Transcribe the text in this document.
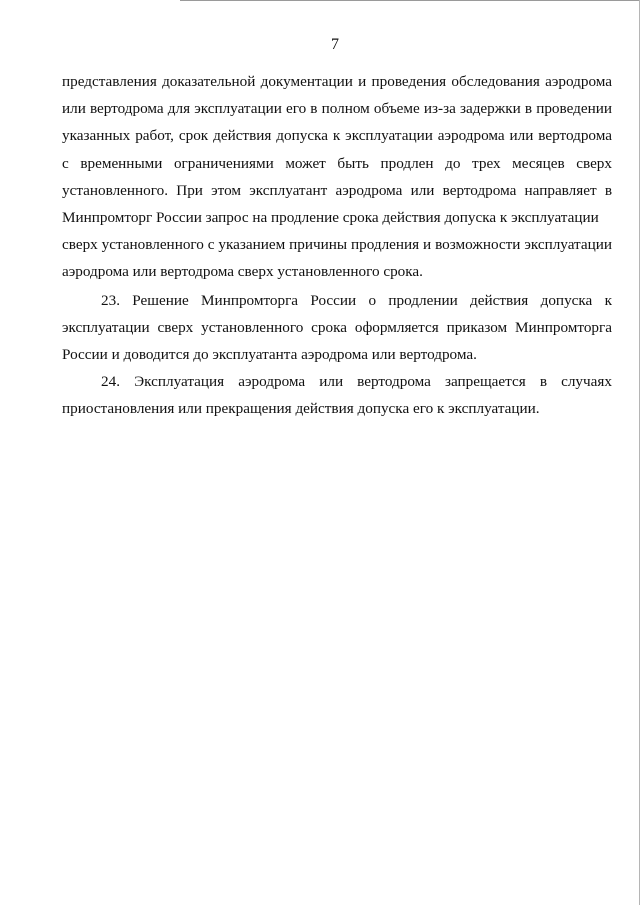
7
представления доказательной документации и проведения обследования аэродрома
или вертодрома для эксплуатации его в полном объеме из-за задержки в проведении
указанных работ, срок действия допуска к эксплуатации аэродрома или вертодрома
с временными ограничениями может быть продлен до трех месяцев сверх
установленного. При этом эксплуатант аэродрома или вертодрома направляет в
Минпромторг России запрос на продление срока действия допуска к эксплуатации
сверх установленного с указанием причины продления и возможности эксплуатации
аэродрома или вертодрома сверх установленного срока.
23. Решение Минпромторга России о продлении действия допуска к
эксплуатации сверх установленного срока оформляется приказом Минпромторга
России и доводится до эксплуатанта аэродрома или вертодрома.
24. Эксплуатация аэродрома или вертодрома запрещается в случаях
приостановления или прекращения действия допуска его к эксплуатации.
